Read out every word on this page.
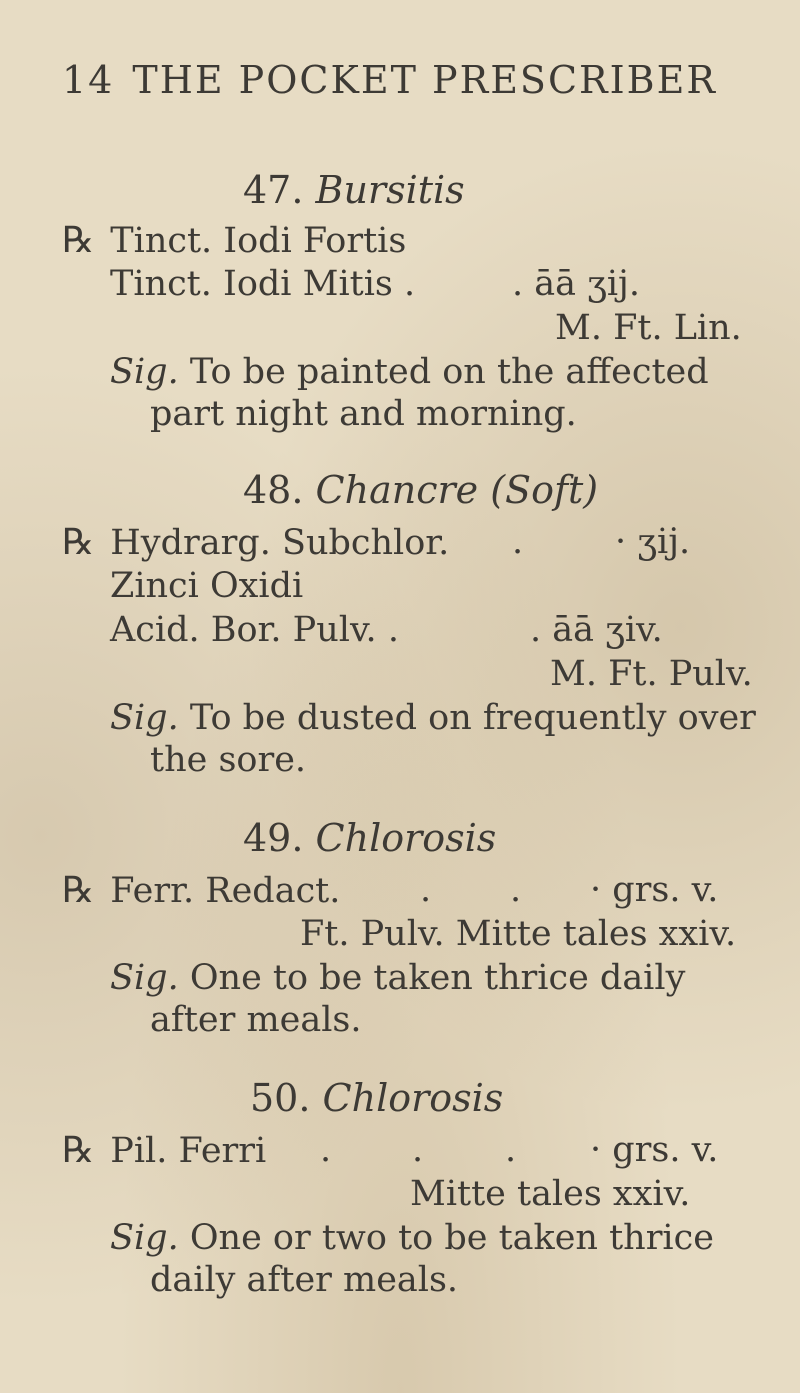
14 THE POCKET PRESCRIBER
47. Bursitis
℞ Tinct. Iodi Fortis
Tinct. Iodi Mitis .	. āā ʒij.
M. Ft. Lin.
Sig. To be painted on the affected
part night and morning.
48. Chancre (Soft)
℞ Hydrarg. Subchlor. .	· ʒij.
Zinci Oxidi
Acid. Bor. Pulv. .	. āā ʒiv.
M. Ft. Pulv.
Sig. To be dusted on frequently over
the sore.
49. Chlorosis
℞ Ferr. Redact. . . · grs. v.
Ft. Pulv. Mitte tales xxiv.
Sig. One to be taken thrice daily
after meals.
50. Chlorosis
℞ Pil. Ferri . . . · grs. v.
Mitte tales xxiv.
Sig. One or two to be taken thrice
daily after meals.
